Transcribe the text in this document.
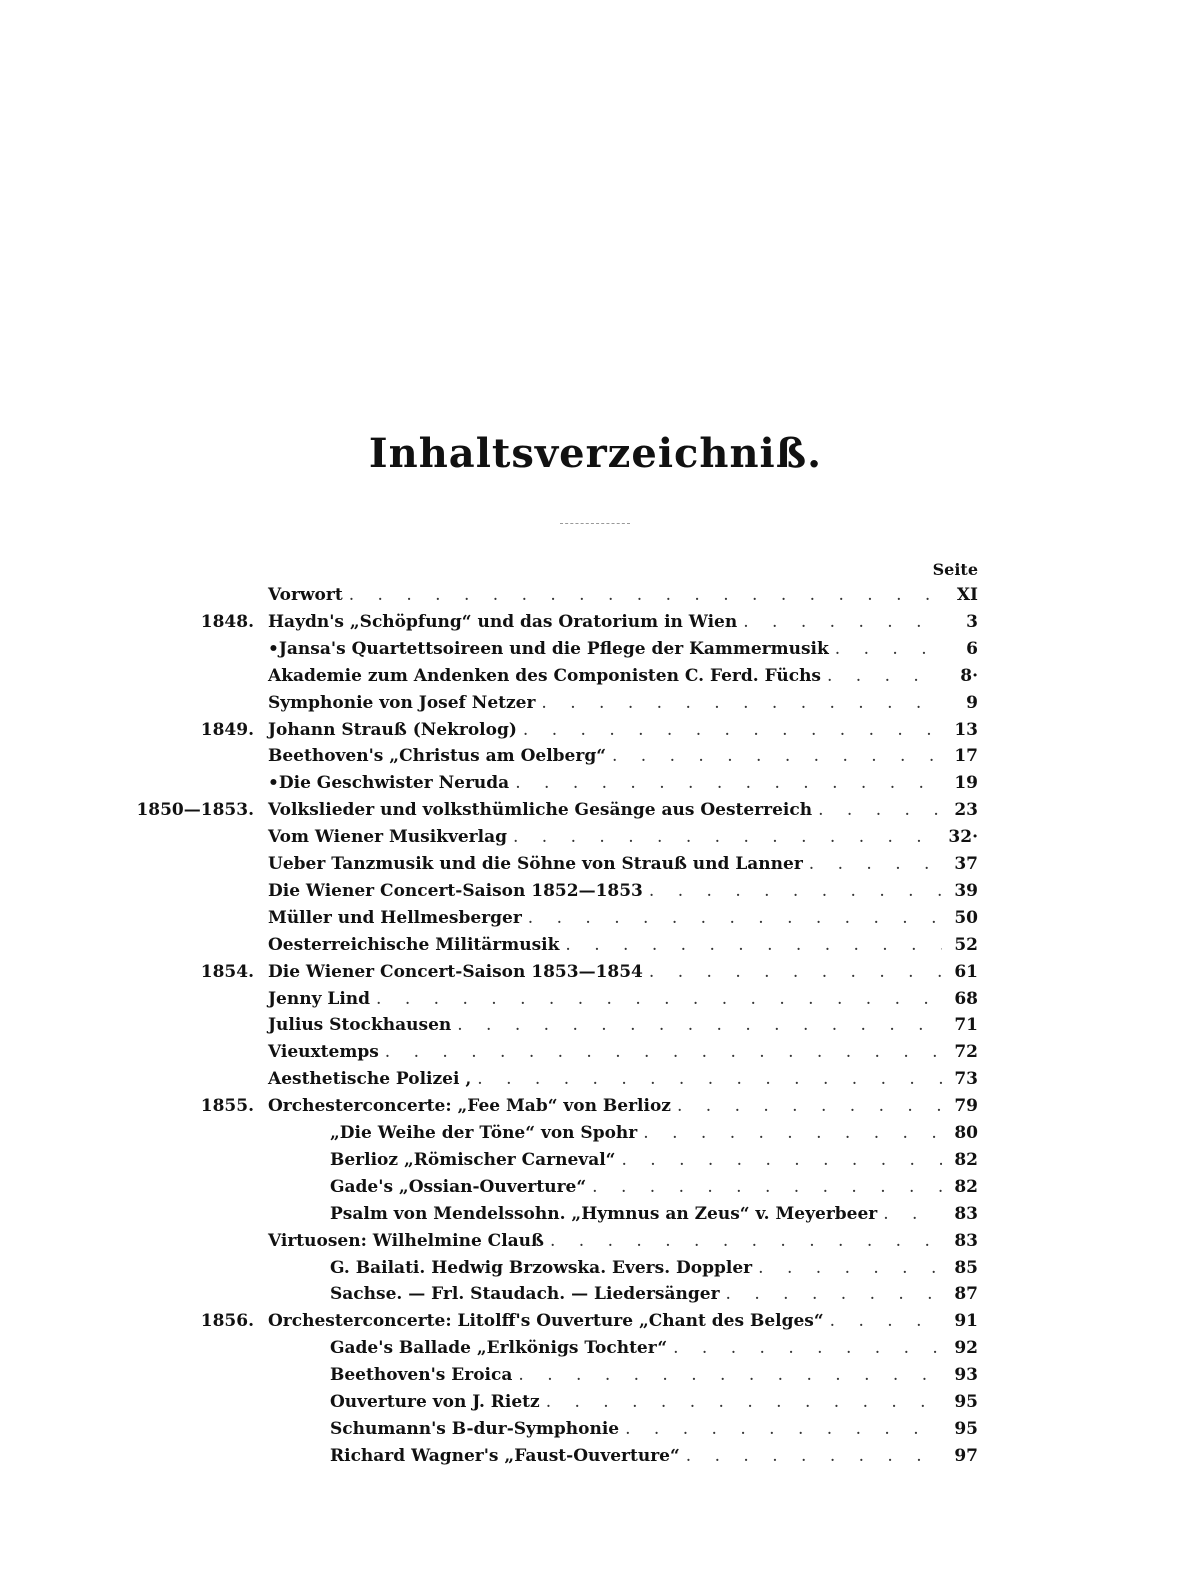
Inhaltsverzeichniß.
Seite
Vorwort . . .	XI
1848. Haydn's „Schöpfung“ und das Oratorium in Wien . . .	3
•Jansa's Quartettsoireen und die Pflege der Kammermusik . . .	6
Akademie zum Andenken des Componisten C. Ferd. Füchs . . .	8·
Symphonie von Josef Netzer . . .	9
1849. Johann Strauß (Nekrolog) . . .	13
Beethoven's „Christus am Oelberg“ . . .	17
•Die Geschwister Neruda . . .	19
1850—1853. Volkslieder und volksthümliche Gesänge aus Oesterreich . . .	23
Vom Wiener Musikverlag . . .	32·
Ueber Tanzmusik und die Söhne von Strauß und Lanner . . .	37
Die Wiener Concert-Saison 1852—1853 . . .	39
Müller und Hellmesberger . . .	50
Oesterreichische Militärmusik . . .	52
1854. Die Wiener Concert-Saison 1853—1854 . . .	61
Jenny Lind . . .	68
Julius Stockhausen . . .	71
Vieuxtemps . . .	72
Aesthetische Polizei , . . .	73
1855. Orchesterconcerte: „Fee Mab“ von Berlioz . . .	79
„Die Weihe der Töne“ von Spohr . . .	80
Berlioz „Römischer Carneval“ . . .	82
Gade's „Ossian-Ouverture“ . . .	82
Psalm von Mendelssohn. „Hymnus an Zeus“ v. Meyerbeer . . .	83
Virtuosen: Wilhelmine Clauß . . .	83
G. Bailati. Hedwig Brzowska. Evers. Doppler . . .	85
Sachse. — Frl. Staudach. — Liedersänger . . .	87
1856. Orchesterconcerte: Litolff's Ouverture „Chant des Belges“ . . .	91
Gade's Ballade „Erlkönigs Tochter“ . . .	92
Beethoven's Eroica . . .	93
Ouverture von J. Rietz . . .	95
Schumann's B-dur-Symphonie . . .	95
Richard Wagner's „Faust-Ouverture“ . . .	97
